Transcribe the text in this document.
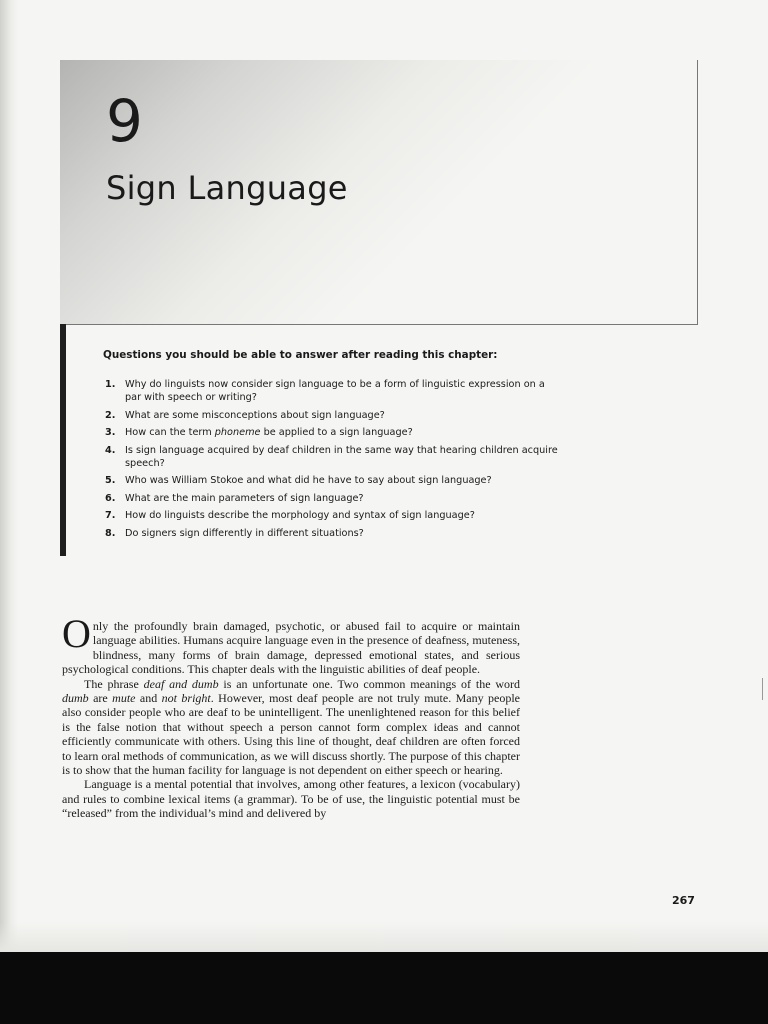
9
Sign Language
Questions you should be able to answer after reading this chapter:
1. Why do linguists now consider sign language to be a form of linguistic expression on a par with speech or writing?
2. What are some misconceptions about sign language?
3. How can the term phoneme be applied to a sign language?
4. Is sign language acquired by deaf children in the same way that hearing children acquire speech?
5. Who was William Stokoe and what did he have to say about sign language?
6. What are the main parameters of sign language?
7. How do linguists describe the morphology and syntax of sign language?
8. Do signers sign differently in different situations?

Only the profoundly brain damaged, psychotic, or abused fail to acquire or maintain language abilities. Humans acquire language even in the presence of deafness, muteness, blindness, many forms of brain damage, depressed emotional states, and serious psychological conditions. This chapter deals with the linguistic abilities of deaf people.

The phrase deaf and dumb is an unfortunate one. Two common meanings of the word dumb are mute and not bright. However, most deaf people are not truly mute. Many people also consider people who are deaf to be unintelligent. The unenlightened reason for this belief is the false notion that without speech a person cannot form complex ideas and cannot efficiently communicate with others. Using this line of thought, deaf children are often forced to learn oral methods of communication, as we will discuss shortly. The purpose of this chapter is to show that the human facility for language is not dependent on either speech or hearing.

Language is a mental potential that involves, among other features, a lexicon (vocabulary) and rules to combine lexical items (a grammar). To be of use, the linguistic potential must be “released” from the individual’s mind and delivered by

267
